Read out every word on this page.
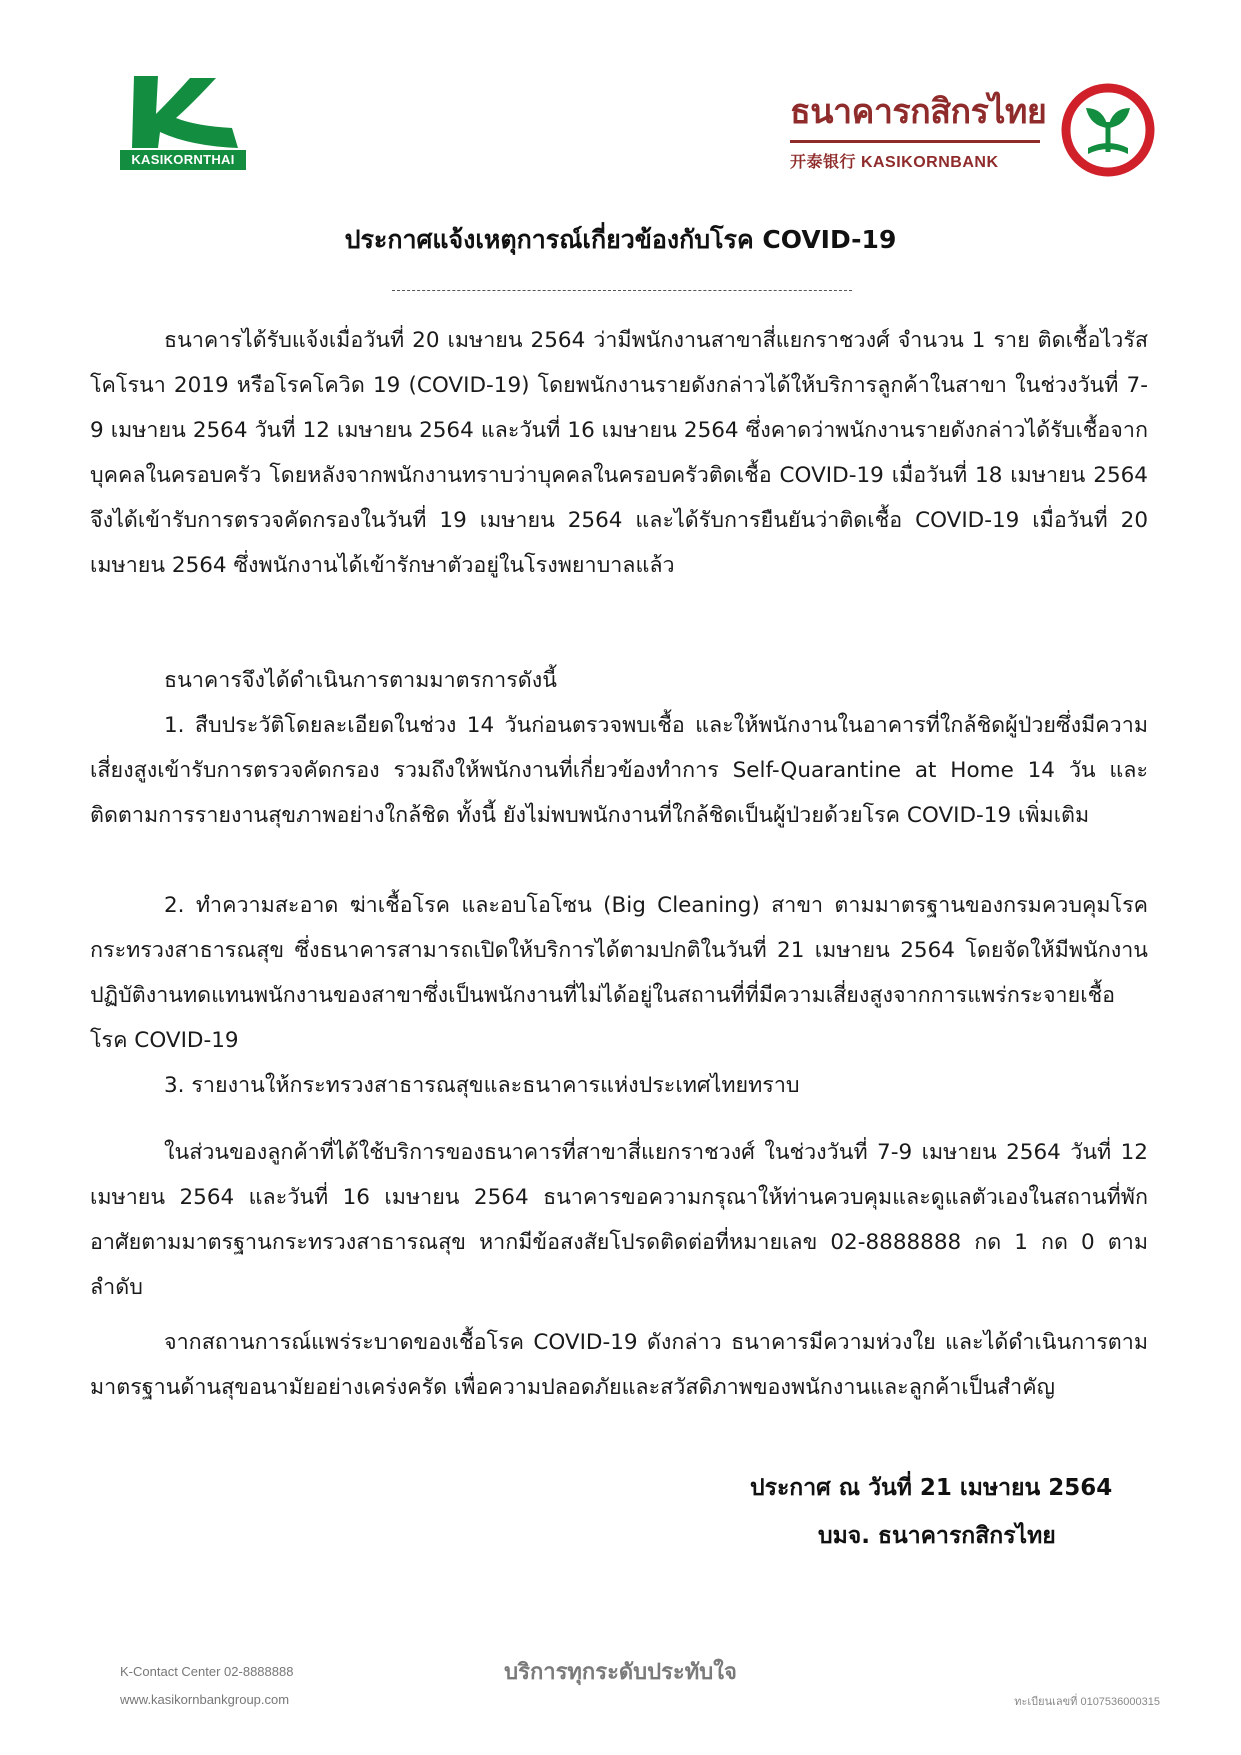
KASIKORNTHAI
ธนาคารกสิกรไทย
开泰银行 KASIKORNBANK
ประกาศแจ้งเหตุการณ์เกี่ยวข้องกับโรค COVID-19
ธนาคารได้รับแจ้งเมื่อวันที่ 20 เมษายน 2564 ว่ามีพนักงานสาขาสี่แยกราชวงศ์ จำนวน 1 ราย ติดเชื้อไวรัสโคโรนา 2019 หรือโรคโควิด 19 (COVID-19) โดยพนักงานรายดังกล่าวได้ให้บริการลูกค้าในสาขา ในช่วงวันที่ 7-9 เมษายน 2564 วันที่ 12 เมษายน 2564 และวันที่ 16 เมษายน 2564 ซึ่งคาดว่าพนักงานรายดังกล่าวได้รับเชื้อจากบุคคลในครอบครัว โดยหลังจากพนักงานทราบว่าบุคคลในครอบครัวติดเชื้อ COVID-19 เมื่อวันที่ 18 เมษายน 2564 จึงได้เข้ารับการตรวจคัดกรองในวันที่ 19 เมษายน 2564 และได้รับการยืนยันว่าติดเชื้อ COVID-19 เมื่อวันที่ 20 เมษายน 2564 ซึ่งพนักงานได้เข้ารักษาตัวอยู่ในโรงพยาบาลแล้ว
ธนาคารจึงได้ดำเนินการตามมาตรการดังนี้
1. สืบประวัติโดยละเอียดในช่วง 14 วันก่อนตรวจพบเชื้อ และให้พนักงานในอาคารที่ใกล้ชิดผู้ป่วยซึ่งมีความเสี่ยงสูงเข้ารับการตรวจคัดกรอง รวมถึงให้พนักงานที่เกี่ยวข้องทำการ Self-Quarantine at Home 14 วัน และติดตามการรายงานสุขภาพอย่างใกล้ชิด ทั้งนี้ ยังไม่พบพนักงานที่ใกล้ชิดเป็นผู้ป่วยด้วยโรค COVID-19 เพิ่มเติม
2. ทำความสะอาด ฆ่าเชื้อโรค และอบโอโซน (Big Cleaning) สาขา ตามมาตรฐานของกรมควบคุมโรค กระทรวงสาธารณสุข ซึ่งธนาคารสามารถเปิดให้บริการได้ตามปกติในวันที่ 21 เมษายน 2564 โดยจัดให้มีพนักงานปฏิบัติงานทดแทนพนักงานของสาขาซึ่งเป็นพนักงานที่ไม่ได้อยู่ในสถานที่ที่มีความเสี่ยงสูงจากการแพร่กระจายเชื้อโรค COVID-19
3. รายงานให้กระทรวงสาธารณสุขและธนาคารแห่งประเทศไทยทราบ
ในส่วนของลูกค้าที่ได้ใช้บริการของธนาคารที่สาขาสี่แยกราชวงศ์ ในช่วงวันที่ 7-9 เมษายน 2564 วันที่ 12 เมษายน 2564 และวันที่ 16 เมษายน 2564 ธนาคารขอความกรุณาให้ท่านควบคุมและดูแลตัวเองในสถานที่พักอาศัยตามมาตรฐานกระทรวงสาธารณสุข หากมีข้อสงสัยโปรดติดต่อที่หมายเลข 02-8888888 กด 1 กด 0 ตามลำดับ
จากสถานการณ์แพร่ระบาดของเชื้อโรค COVID-19 ดังกล่าว ธนาคารมีความห่วงใย และได้ดำเนินการตามมาตรฐานด้านสุขอนามัยอย่างเคร่งครัด เพื่อความปลอดภัยและสวัสดิภาพของพนักงานและลูกค้าเป็นสำคัญ
ประกาศ ณ วันที่ 21 เมษายน 2564
บมจ. ธนาคารกสิกรไทย
K-Contact Center 02-8888888
www.kasikornbankgroup.com
บริการทุกระดับประทับใจ
ทะเบียนเลขที่ 0107536000315
